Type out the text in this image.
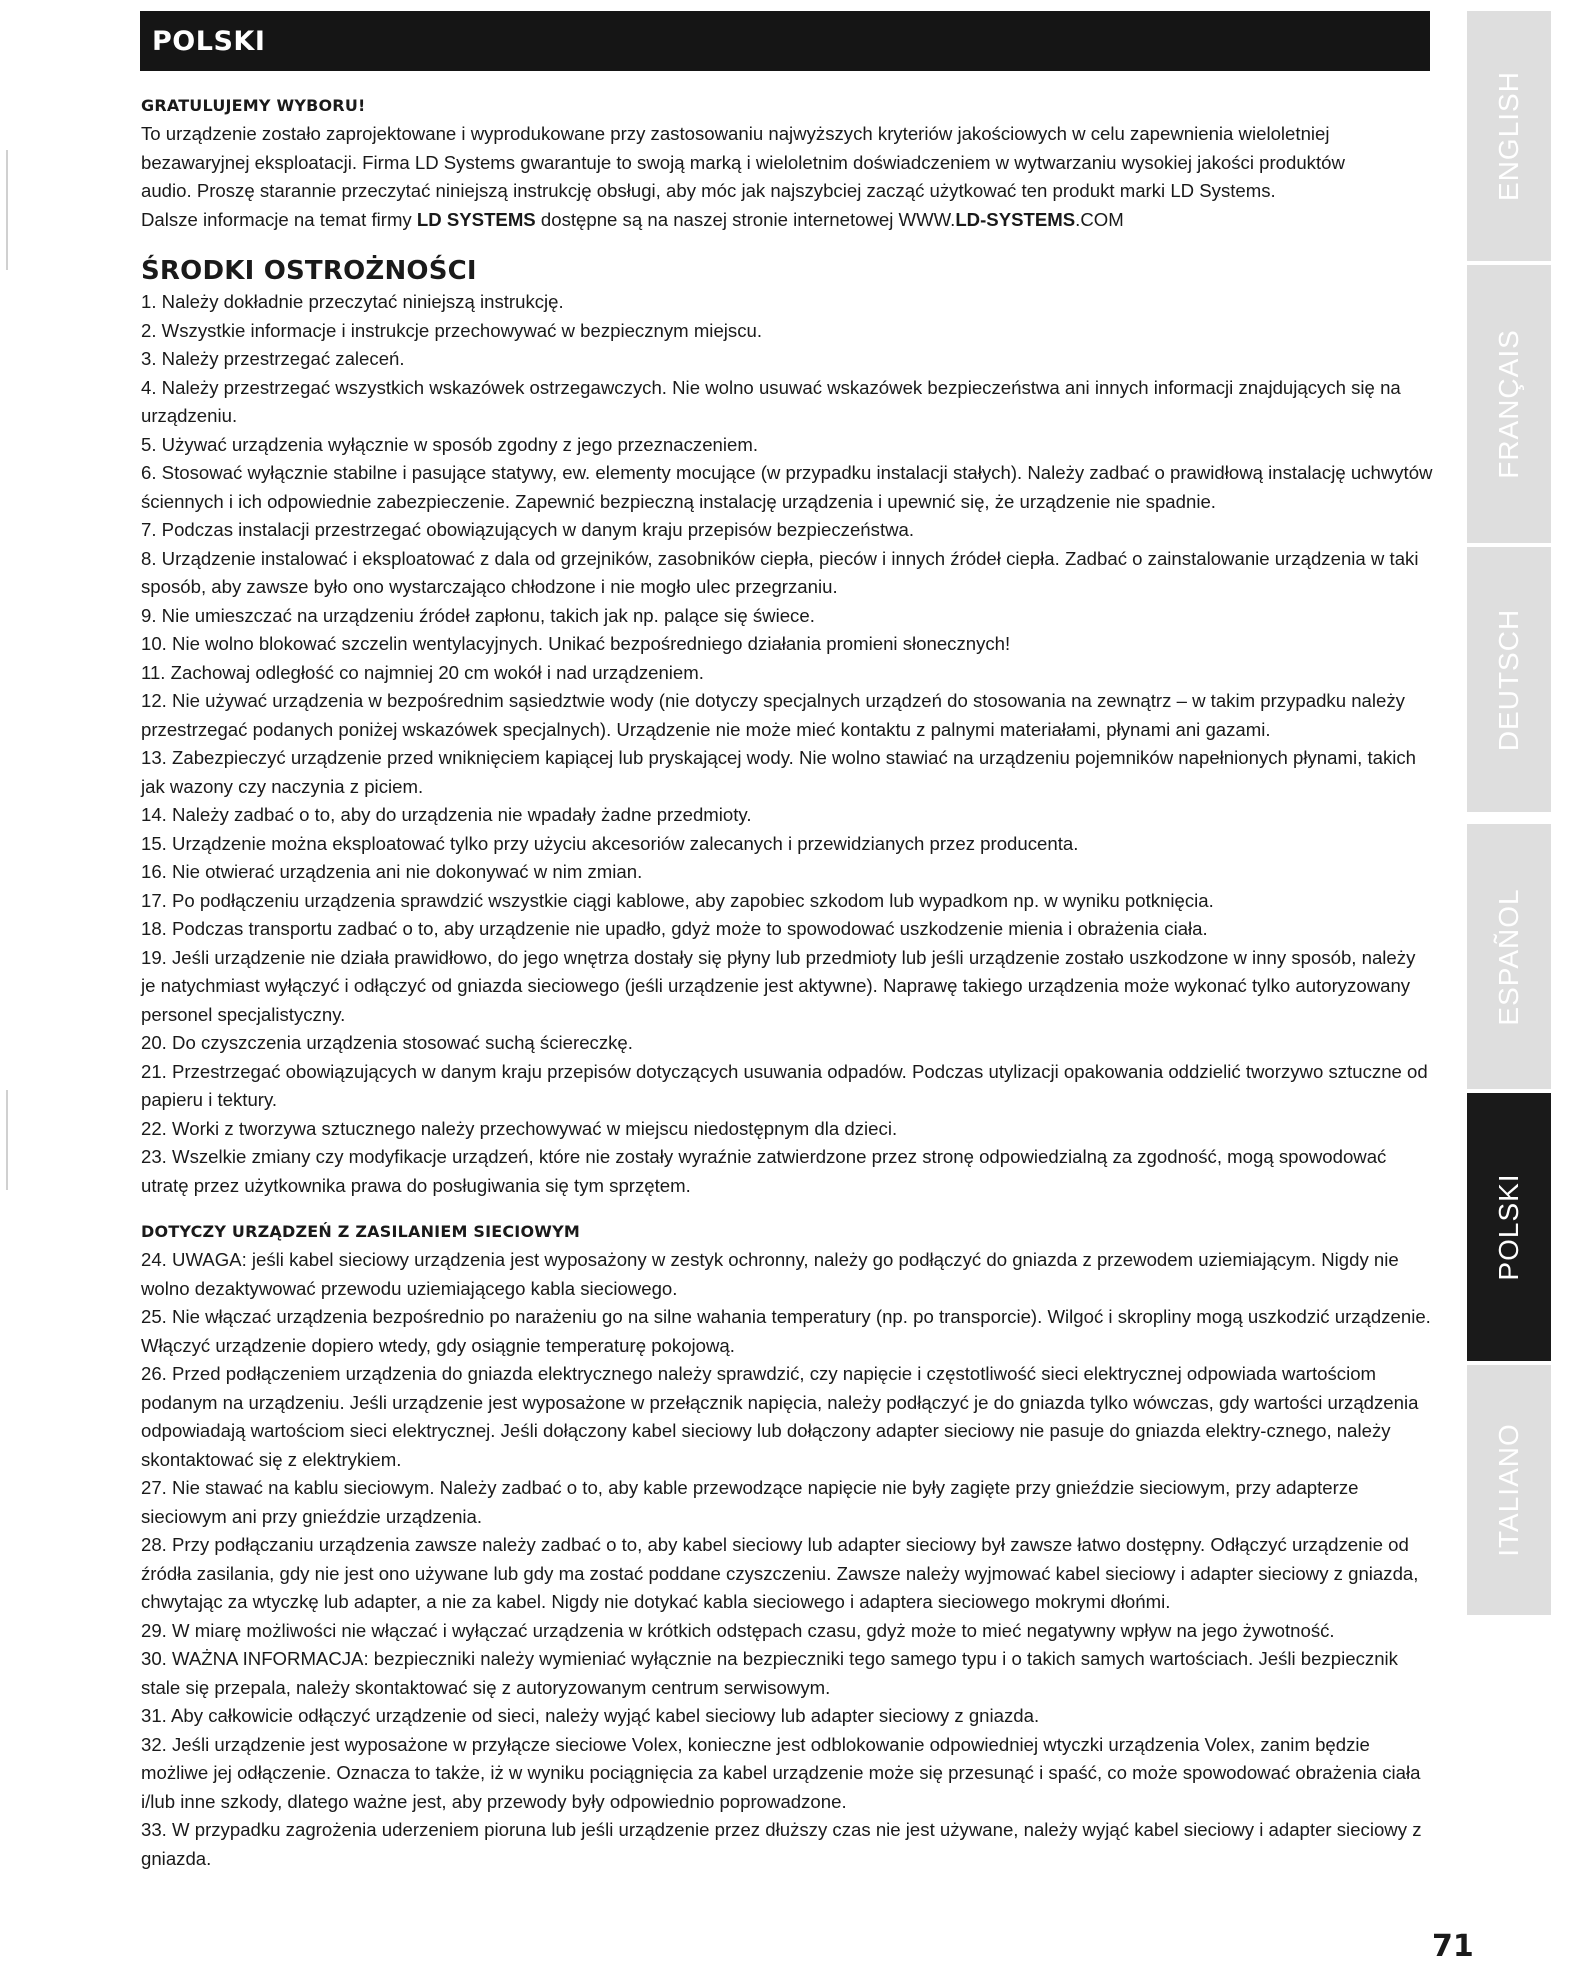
POLSKI

GRATULUJEMY WYBORU!

To urządzenie zostało zaprojektowane i wyprodukowane przy zastosowaniu najwyższych kryteriów jakościowych w celu zapewnienia wieloletniej

bezawaryjnej eksploatacji. Firma LD Systems gwarantuje to swoją marką i wieloletnim doświadczeniem w wytwarzaniu wysokiej jakości produktów

audio. Proszę starannie przeczytać niniejszą instrukcję obsługi, aby móc jak najszybciej zacząć użytkować ten produkt marki LD Systems.

Dalsze informacje na temat firmy LD SYSTEMS dostępne są na naszej stronie internetowej WWW.LD-SYSTEMS.COM

ŚRODKI OSTROŻNOŚCI

1. Należy dokładnie przeczytać niniejszą instrukcję.
2. Wszystkie informacje i instrukcje przechowywać w bezpiecznym miejscu.
3. Należy przestrzegać zaleceń.
4. Należy przestrzegać wszystkich wskazówek ostrzegawczych. Nie wolno usuwać wskazówek bezpieczeństwa ani innych informacji znajdujących się na urządzeniu.
5. Używać urządzenia wyłącznie w sposób zgodny z jego przeznaczeniem.
6. Stosować wyłącznie stabilne i pasujące statywy, ew. elementy mocujące (w przypadku instalacji stałych). Należy zadbać o prawidłową instalację uchwytów ściennych i ich odpowiednie zabezpieczenie. Zapewnić bezpieczną instalację urządzenia i upewnić się, że urządzenie nie spadnie.
7. Podczas instalacji przestrzegać obowiązujących w danym kraju przepisów bezpieczeństwa.
8. Urządzenie instalować i eksploatować z dala od grzejników, zasobników ciepła, pieców i innych źródeł ciepła. Zadbać o zainstalowanie urządzenia w taki sposób, aby zawsze było ono wystarczająco chłodzone i nie mogło ulec przegrzaniu.
9. Nie umieszczać na urządzeniu źródeł zapłonu, takich jak np. palące się świece.
10. Nie wolno blokować szczelin wentylacyjnych. Unikać bezpośredniego działania promieni słonecznych!
11. Zachowaj odległość co najmniej 20 cm wokół i nad urządzeniem.
12. Nie używać urządzenia w bezpośrednim sąsiedztwie wody (nie dotyczy specjalnych urządzeń do stosowania na zewnątrz – w takim przypadku należy przestrzegać podanych poniżej wskazówek specjalnych). Urządzenie nie może mieć kontaktu z palnymi materiałami, płynami ani gazami.
13. Zabezpieczyć urządzenie przed wniknięciem kapiącej lub pryskającej wody. Nie wolno stawiać na urządzeniu pojemników napełnionych płynami, takich jak wazony czy naczynia z piciem.
14. Należy zadbać o to, aby do urządzenia nie wpadały żadne przedmioty.
15. Urządzenie można eksploatować tylko przy użyciu akcesoriów zalecanych i przewidzianych przez producenta.
16. Nie otwierać urządzenia ani nie dokonywać w nim zmian.
17. Po podłączeniu urządzenia sprawdzić wszystkie ciągi kablowe, aby zapobiec szkodom lub wypadkom np. w wyniku potknięcia.
18. Podczas transportu zadbać o to, aby urządzenie nie upadło, gdyż może to spowodować uszkodzenie mienia i obrażenia ciała.
19. Jeśli urządzenie nie działa prawidłowo, do jego wnętrza dostały się płyny lub przedmioty lub jeśli urządzenie zostało uszkodzone w inny sposób, należy je natychmiast wyłączyć i odłączyć od gniazda sieciowego (jeśli urządzenie jest aktywne). Naprawę takiego urządzenia może wykonać tylko autoryzowany personel specjalistyczny.
20. Do czyszczenia urządzenia stosować suchą ściereczkę.
21. Przestrzegać obowiązujących w danym kraju przepisów dotyczących usuwania odpadów. Podczas utylizacji opakowania oddzielić tworzywo sztuczne od papieru i tektury.
22. Worki z tworzywa sztucznego należy przechowywać w miejscu niedostępnym dla dzieci.
23. Wszelkie zmiany czy modyfikacje urządzeń, które nie zostały wyraźnie zatwierdzone przez stronę odpowiedzialną za zgodność, mogą spowodować utratę przez użytkownika prawa do posługiwania się tym sprzętem.

DOTYCZY URZĄDZEŃ Z ZASILANIEM SIECIOWYM

24. UWAGA: jeśli kabel sieciowy urządzenia jest wyposażony w zestyk ochronny, należy go podłączyć do gniazda z przewodem uziemiającym. Nigdy nie wolno dezaktywować przewodu uziemiającego kabla sieciowego.
25. Nie włączać urządzenia bezpośrednio po narażeniu go na silne wahania temperatury (np. po transporcie). Wilgoć i skropliny mogą uszkodzić urządzenie. Włączyć urządzenie dopiero wtedy, gdy osiągnie temperaturę pokojową.
26. Przed podłączeniem urządzenia do gniazda elektrycznego należy sprawdzić, czy napięcie i częstotliwość sieci elektrycznej odpowiada wartościom podanym na urządzeniu. Jeśli urządzenie jest wyposażone w przełącznik napięcia, należy podłączyć je do gniazda tylko wówczas, gdy wartości urządzenia odpowiadają wartościom sieci elektrycznej. Jeśli dołączony kabel sieciowy lub dołączony adapter sieciowy nie pasuje do gniazda elektry-cznego, należy skontaktować się z elektrykiem.
27. Nie stawać na kablu sieciowym. Należy zadbać o to, aby kable przewodzące napięcie nie były zagięte przy gnieździe sieciowym, przy adapterze sieciowym ani przy gnieździe urządzenia.
28. Przy podłączaniu urządzenia zawsze należy zadbać o to, aby kabel sieciowy lub adapter sieciowy był zawsze łatwo dostępny. Odłączyć urządzenie od źródła zasilania, gdy nie jest ono używane lub gdy ma zostać poddane czyszczeniu. Zawsze należy wyjmować kabel sieciowy i adapter sieciowy z gniazda, chwytając za wtyczkę lub adapter, a nie za kabel. Nigdy nie dotykać kabla sieciowego i adaptera sieciowego mokrymi dłońmi.
29. W miarę możliwości nie włączać i wyłączać urządzenia w krótkich odstępach czasu, gdyż może to mieć negatywny wpływ na jego żywotność.
30. WAŻNA INFORMACJA: bezpieczniki należy wymieniać wyłącznie na bezpieczniki tego samego typu i o takich samych wartościach. Jeśli bezpiecznik stale się przepala, należy skontaktować się z autoryzowanym centrum serwisowym.
31. Aby całkowicie odłączyć urządzenie od sieci, należy wyjąć kabel sieciowy lub adapter sieciowy z gniazda.
32. Jeśli urządzenie jest wyposażone w przyłącze sieciowe Volex, konieczne jest odblokowanie odpowiedniej wtyczki urządzenia Volex, zanim będzie możliwe jej odłączenie. Oznacza to także, iż w wyniku pociągnięcia za kabel urządzenie może się przesunąć i spaść, co może spowodować obrażenia ciała i/lub inne szkody, dlatego ważne jest, aby przewody były odpowiednio poprowadzone.
33. W przypadku zagrożenia uderzeniem pioruna lub jeśli urządzenie przez dłuższy czas nie jest używane, należy wyjąć kabel sieciowy i adapter sieciowy z gniazda.
71
ENGLISH
FRANÇAIS
DEUTSCH
ESPAÑOL
ITALIANO
POLSKI
